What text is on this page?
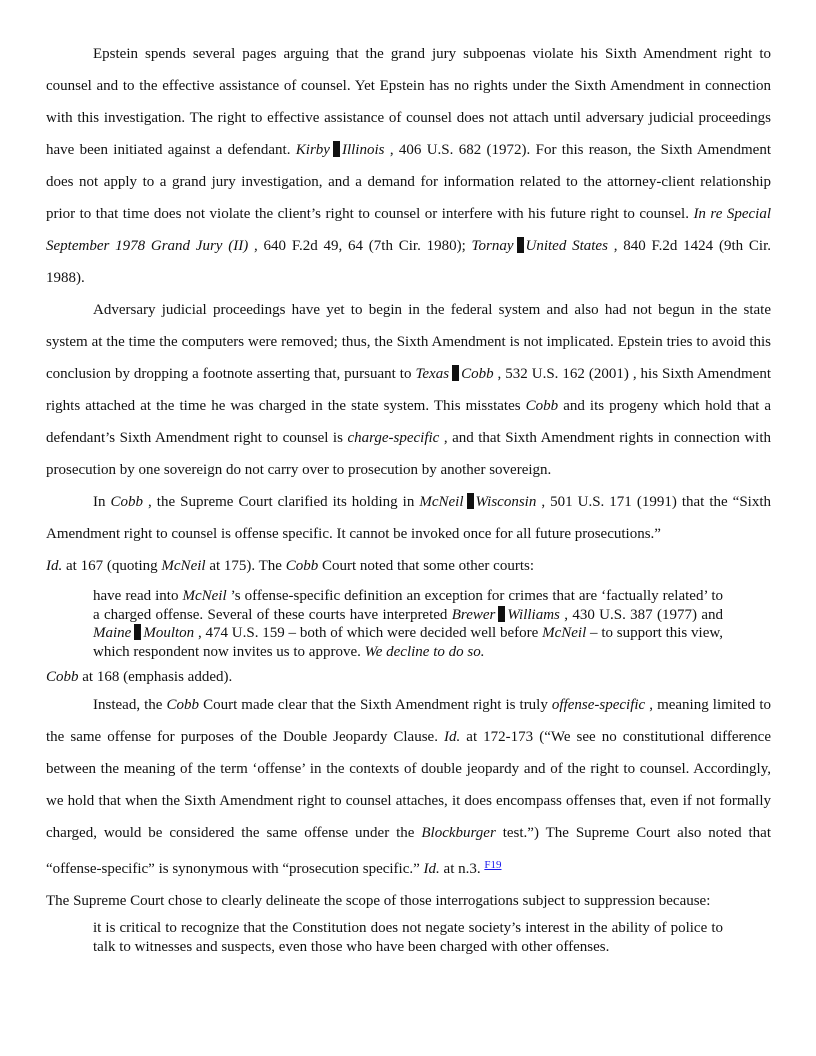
Epstein spends several pages arguing that the grand jury subpoenas violate his Sixth Amendment right to counsel and to the effective assistance of counsel. Yet Epstein has no rights under the Sixth Amendment in connection with this investigation. The right to effective assistance of counsel does not attach until adversary judicial proceedings have been initiated against a defendant. Kirby Illinois , 406 U.S. 682 (1972). For this reason, the Sixth Amendment does not apply to a grand jury investigation, and a demand for information related to the attorney-client relationship prior to that time does not violate the client’s right to counsel or interfere with his future right to counsel. In re Special September 1978 Grand Jury (II) , 640 F.2d 49, 64 (7th Cir. 1980); Tornay United States , 840 F.2d 1424 (9th Cir. 1988).

Adversary judicial proceedings have yet to begin in the federal system and also had not begun in the state system at the time the computers were removed; thus, the Sixth Amendment is not implicated. Epstein tries to avoid this conclusion by dropping a footnote asserting that, pursuant to Texas Cobb , 532 U.S. 162 (2001) , his Sixth Amendment rights attached at the time he was charged in the state system. This misstates Cobb and its progeny which hold that a defendant’s Sixth Amendment right to counsel is charge-specific , and that Sixth Amendment rights in connection with prosecution by one sovereign do not carry over to prosecution by another sovereign.

In Cobb , the Supreme Court clarified its holding in McNeil Wisconsin , 501 U.S. 171 (1991) that the “Sixth Amendment right to counsel is offense specific. It cannot be invoked once for all future prosecutions.”

Id. at 167 (quoting McNeil at 175). The Cobb Court noted that some other courts:

have read into McNeil ’s offense-specific definition an exception for crimes that are ‘factually related’ to a charged offense. Several of these courts have interpreted Brewer Williams , 430 U.S. 387 (1977) and Maine Moulton , 474 U.S. 159 – both of which were decided well before McNeil – to support this view, which respondent now invites us to approve. We decline to do so.

Cobb at 168 (emphasis added).

Instead, the Cobb Court made clear that the Sixth Amendment right is truly offense-specific , meaning limited to the same offense for purposes of the Double Jeopardy Clause. Id. at 172-173 (“We see no constitutional difference between the meaning of the term ‘offense’ in the contexts of double jeopardy and of the right to counsel. Accordingly, we hold that when the Sixth Amendment right to counsel attaches, it does encompass offenses that, even if not formally charged, would be considered the same offense under the Blockburger test.”) The Supreme Court also noted that “offense-specific” is synonymous with “prosecution specific.” Id. at n.3. $^{F19}$

The Supreme Court chose to clearly delineate the scope of those interrogations subject to suppression because:

it is critical to recognize that the Constitution does not negate society’s interest in the ability of police to talk to witnesses and suspects, even those who have been charged with other offenses.
